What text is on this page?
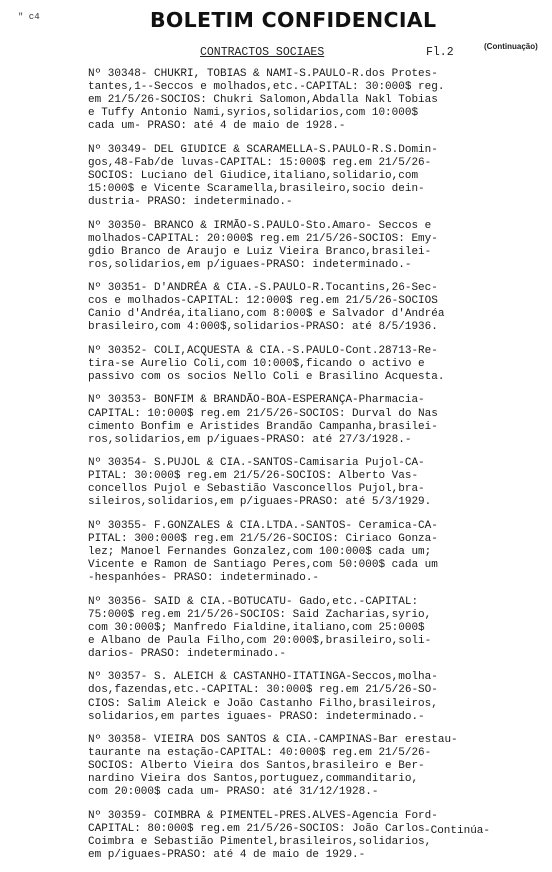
" c4	BOLETIM CONFIDENCIAL
CONTRACTOS SOCIAES	Fl.2	(Continuação)
Nº 30348- CHUKRI, TOBIAS & NAMI-S.PAULO-R.dos Protes-
tantes,1--Seccos e molhados,etc.-CAPITAL: 30:000$ reg.
em 21/5/26-SOCIOS: Chukri Salomon,Abdalla Nakl Tobias
e Tuffy Antonio Nami,syrios,solidarios,com 10:000$
cada um- PRASO: até 4 de maio de 1928.-
Nº 30349- DEL GIUDICE & SCARAMELLA-S.PAULO-R.S.Domin-
gos,48-Fab/de luvas-CAPITAL: 15:000$ reg.em 21/5/26-
SOCIOS: Luciano del Giudice,italiano,solidario,com
15:000$ e Vicente Scaramella,brasileiro,socio dein-
dustria- PRASO: indeterminado.-
Nº 30350- BRANCO & IRMÃO-S.PAULO-Sto.Amaro- Seccos e
molhados-CAPITAL: 20:000$ reg.em 21/5/26-SOCIOS: Emy-
gdio Branco de Araujo e Luiz Vieira Branco,brasilei-
ros,solidarios,em p/iguaes-PRASO: indeterminado.-
Nº 30351- D'ANDRÉA & CIA.-S.PAULO-R.Tocantins,26-Sec-
cos e molhados-CAPITAL: 12:000$ reg.em 21/5/26-SOCIOS
Canio d'Andréa,italiano,com 8:000$ e Salvador d'Andréa
brasileiro,com 4:000$,solidarios-PRASO: até 8/5/1936.
Nº 30352- COLI,ACQUESTA & CIA.-S.PAULO-Cont.28713-Re-
tira-se Aurelio Coli,com 10:000$,ficando o activo e
passivo com os socios Nello Coli e Brasilino Acquesta.
Nº 30353- BONFIM & BRANDÃO-BOA-ESPERANÇA-Pharmacia-
CAPITAL: 10:000$ reg.em 21/5/26-SOCIOS: Durval do Nas
cimento Bonfim e Aristides Brandão Campanha,brasilei-
ros,solidarios,em p/iguaes-PRASO: até 27/3/1928.-
Nº 30354- S.PUJOL & CIA.-SANTOS-Camisaria Pujol-CA-
PITAL: 30:000$ reg.em 21/5/26-SOCIOS: Alberto Vas-
concellos Pujol e Sebastião Vasconcellos Pujol,bra-
sileiros,solidarios,em p/iguaes-PRASO: até 5/3/1929.
Nº 30355- F.GONZALES & CIA.LTDA.-SANTOS- Ceramica-CA-
PITAL: 300:000$ reg.em 21/5/26-SOCIOS: Ciriaco Gonza-
lez; Manoel Fernandes Gonzalez,com 100:000$ cada um;
Vicente e Ramon de Santiago Peres,com 50:000$ cada um
-hespanhóes- PRASO: indeterminado.-
Nº 30356- SAID & CIA.-BOTUCATU- Gado,etc.-CAPITAL:
75:000$ reg.em 21/5/26-SOCIOS: Said Zacharias,syrio,
com 30:000$; Manfredo Fialdine,italiano,com 25:000$
e Albano de Paula Filho,com 20:000$,brasileiro,soli-
darios- PRASO: indeterminado.-
Nº 30357- S. ALEICH & CASTANHO-ITATINGA-Seccos,molha-
dos,fazendas,etc.-CAPITAL: 30:000$ reg.em 21/5/26-SO-
CIOS: Salim Aleick e João Castanho Filho,brasileiros,
solidarios,em partes iguaes- PRASO: indeterminado.-
Nº 30358- VIEIRA DOS SANTOS & CIA.-CAMPINAS-Bar erestau-
taurante na estação-CAPITAL: 40:000$ reg.em 21/5/26-
SOCIOS: Alberto Vieira dos Santos,brasileiro e Ber-
nardino Vieira dos Santos,portuguez,commanditario,
com 20:000$ cada um- PRASO: até 31/12/1928.-
Nº 30359- COIMBRA & PIMENTEL-PRES.ALVES-Agencia Ford-
CAPITAL: 80:000$ reg.em 21/5/26-SOCIOS: João Carlos
Coimbra e Sebastião Pimentel,brasileiros,solidarios,
em p/iguaes-PRASO: até 4 de maio de 1929.-
-Continúa-
